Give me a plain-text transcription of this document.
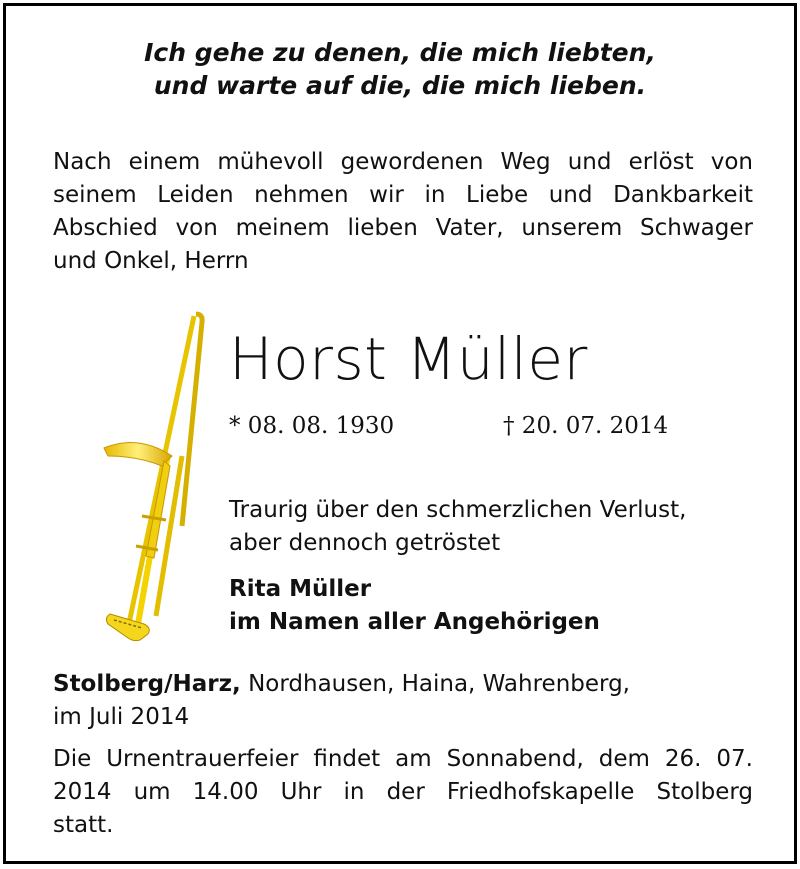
Ich gehe zu denen, die mich liebten,
und warte auf die, die mich lieben.
Nach einem mühevoll gewordenen Weg und erlöst von
seinem Leiden nehmen wir in Liebe und Dankbarkeit
Abschied von meinem lieben Vater, unserem Schwager
und Onkel, Herrn
Horst Müller
* 08. 08. 1930	† 20. 07. 2014
Traurig über den schmerzlichen Verlust,
aber dennoch getröstet
Rita Müller
im Namen aller Angehörigen
Stolberg/Harz, Nordhausen, Haina, Wahrenberg,
im Juli 2014
Die Urnentrauerfeier findet am Sonnabend, dem 26. 07.
2014 um 14.00 Uhr in der Friedhofskapelle Stolberg
statt.
